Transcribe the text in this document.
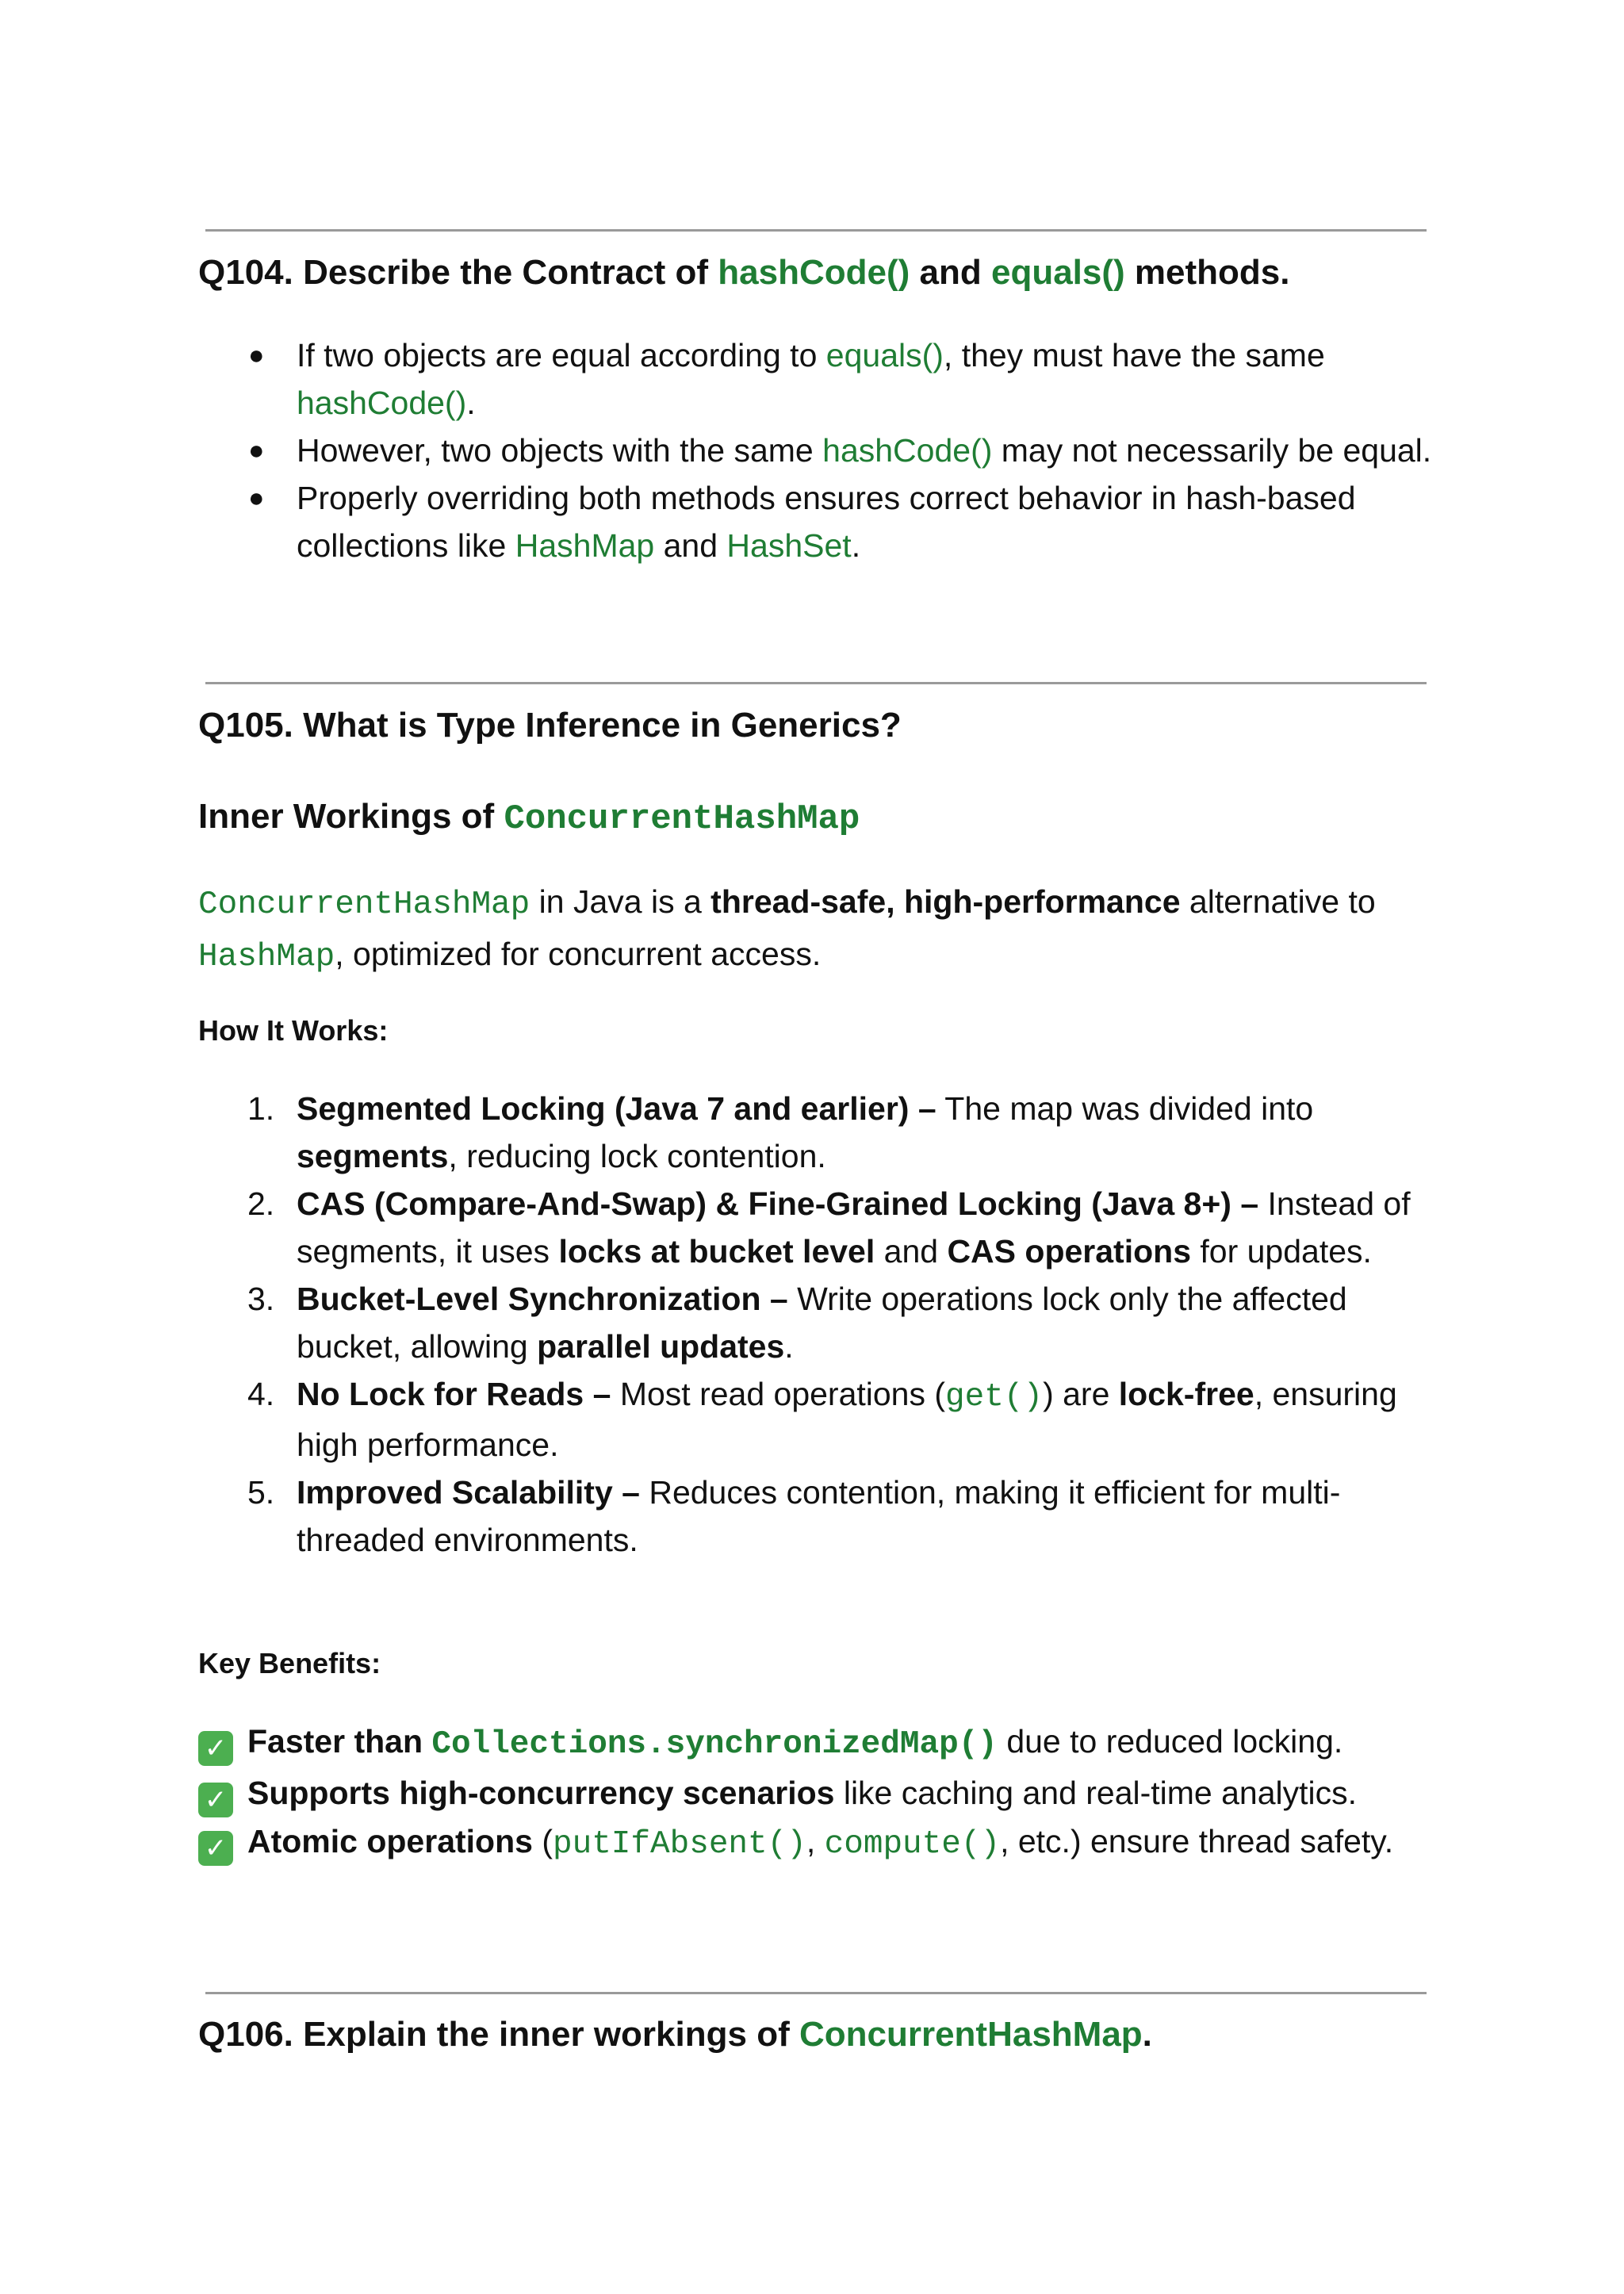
Q104. Describe the Contract of hashCode() and equals() methods.
● If two objects are equal according to equals(), they must have the same hashCode().
● However, two objects with the same hashCode() may not necessarily be equal.
● Properly overriding both methods ensures correct behavior in hash-based collections like HashMap and HashSet.
Q105. What is Type Inference in Generics?
Inner Workings of ConcurrentHashMap

ConcurrentHashMap in Java is a thread-safe, high-performance alternative to HashMap, optimized for concurrent access.

How It Works:
1. Segmented Locking (Java 7 and earlier) – The map was divided into segments, reducing lock contention.
2. CAS (Compare-And-Swap) & Fine-Grained Locking (Java 8+) – Instead of segments, it uses locks at bucket level and CAS operations for updates.
3. Bucket-Level Synchronization – Write operations lock only the affected bucket, allowing parallel updates.
4. No Lock for Reads – Most read operations (get()) are lock-free, ensuring high performance.
5. Improved Scalability – Reduces contention, making it efficient for multi-threaded environments.
Key Benefits:
✓ Faster than Collections.synchronizedMap() due to reduced locking.
✓ Supports high-concurrency scenarios like caching and real-time analytics.
✓ Atomic operations (putIfAbsent(), compute(), etc.) ensure thread safety.
Q106. Explain the inner workings of ConcurrentHashMap.
